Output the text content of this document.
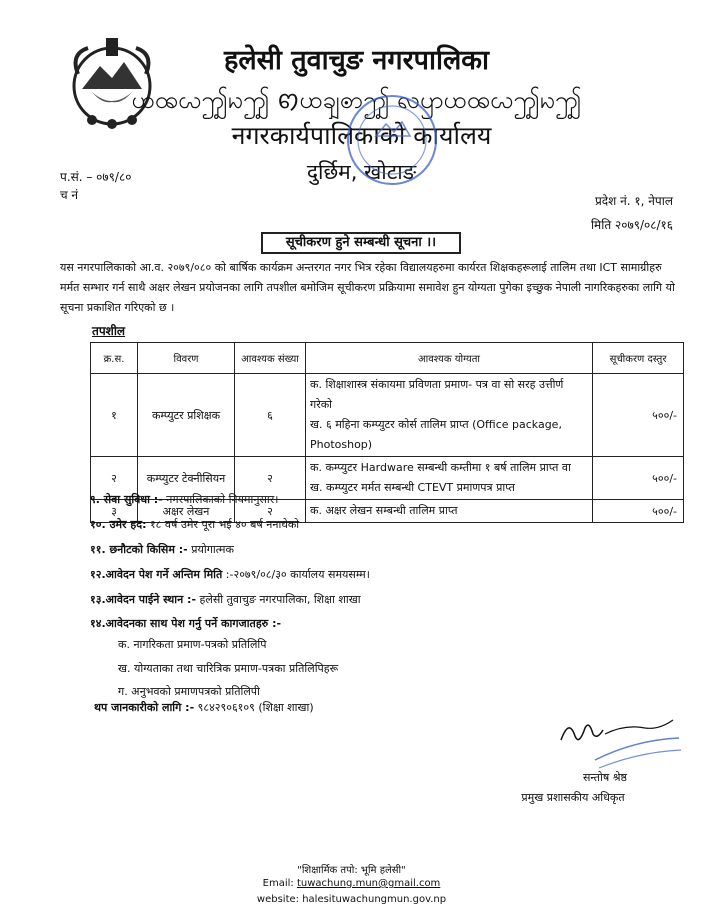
हलेसी तुवाचुङ नगरपालिका
ꩤꩪꩬꩶꩢꩶ ꩅꩤꩾꩦꩶ ꩮꩥꩤꩪꩬꩶꩢꩶ
नगरकार्यपालिकाको कार्यालय
दुर्छिम, खोटाङ
प.सं. – ०७९/८०
च नं	प्रदेश नं. १, नेपाल
मिति २०७९/०८/१६
सूचीकरण हुने सम्बन्धी सूचना ।।
यस नगरपालिकाको आ.व. २०७९/०८० को बार्षिक कार्यक्रम अन्तरगत नगर भित्र रहेका विद्यालयहरुमा कार्यरत शिक्षकहरूलाई तालिम तथा ICT सामाग्रीहरु मर्मत सम्भार गर्न साथै अक्षर लेखन प्रयोजनका लागि तपशील बमोजिम सूचीकरण प्रक्रियामा समावेश हुन योग्यता पुगेका इच्छुक नेपाली नागरिकहरुका लागि यो सूचना प्रकाशित गरिएको छ ।
तपशील
क्र.स.	विवरण	आवश्यक संख्या	आवश्यक योग्यता	सूचीकरण दस्तुर
१	कम्प्युटर प्रशिक्षक	६	क. शिक्षाशास्त्र संकायमा प्रविणता प्रमाण- पत्र वा सो सरह उत्तीर्ण गरेको
ख. ६ महिना कम्प्युटर कोर्स तालिम प्राप्त (Office package, Photoshop)	५००/-
२	कम्प्युटर टेक्नीसियन	२	क. कम्प्युटर Hardware सम्बन्धी कम्तीमा १ बर्ष तालिम प्राप्त वा
ख. कम्प्युटर मर्मत सम्बन्धी CTEVT प्रमाणपत्र प्राप्त	५००/-
३	अक्षर लेखन	२	क. अक्षर लेखन सम्बन्धी तालिम प्राप्त	५००/-
९. सेवा सुविधा :- नगरपालिकाको नियमानुसार।
१०. उमेर हद: १८ वर्ष उमेर पूरा भई ४० बर्ष ननाघेको
११. छनौटको किसिम :- प्रयोगात्मक
१२.आवेदन पेश गर्ने अन्तिम मिति :-२०७९/०८/३० कार्यालय समयसम्म।
१३.आवेदन पाईने स्थान :- हलेसी तुवाचुङ नगरपालिका, शिक्षा शाखा
१४.आवेदनका साथ पेश गर्नु पर्ने कागजातहरु :-
क. नागरिकता प्रमाण-पत्रको प्रतिलिपि
ख. योग्यताका तथा चारित्रिक प्रमाण-पत्रका प्रतिलिपिहरू
ग. अनुभवको प्रमाणपत्रको प्रतिलिपी
थप जानकारीको लागि :- ९८४२९०६१०९ (शिक्षा शाखा)
सन्तोष श्रेष्ठ
प्रमुख प्रशासकीय अधिकृत
"शिक्षार्मिक तपो: भूमि हलेसी"
Email: tuwachung.mun@gmail.com
website: halesituwachungmun.gov.np
